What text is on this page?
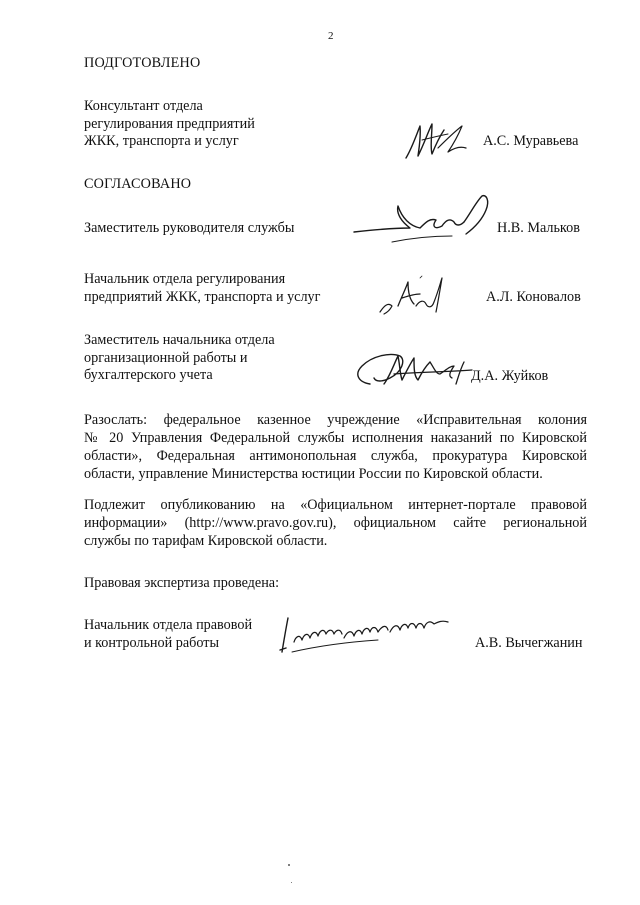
2
ПОДГОТОВЛЕНО
Консультант отдела
регулирования предприятий
ЖКК, транспорта и услуг	А.С. Муравьева
СОГЛАСОВАНО
Заместитель руководителя службы	Н.В. Мальков
Начальник отдела регулирования
предприятий ЖКК, транспорта и услуг	А.Л. Коновалов
Заместитель начальника отдела
организационной работы и
бухгалтерского учета	Д.А. Жуйков
Разослать: федеральное казенное учреждение «Исправительная колония
№ 20 Управления Федеральной службы исполнения наказаний по Кировской
области», Федеральная антимонопольная служба, прокуратура Кировской
области, управление Министерства юстиции России по Кировской области.
Подлежит опубликованию на «Официальном интернет-портале правовой
информации» (http://www.pravo.gov.ru), официальном сайте региональной
службы по тарифам Кировской области.
Правовая экспертиза проведена:
Начальник отдела правовой
и контрольной работы	А.В. Вычегжанин
